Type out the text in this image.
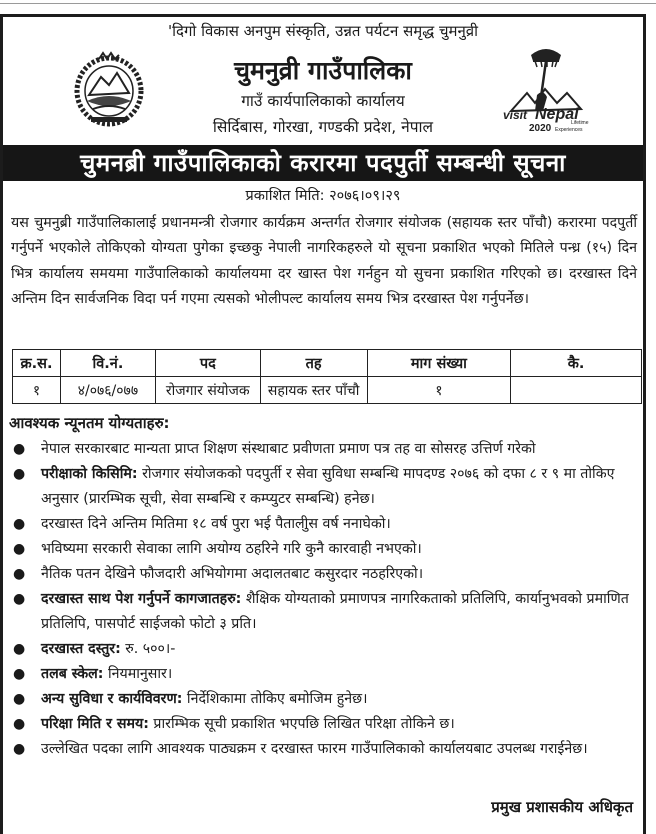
'दिगो विकास अनपुम संस्कृति, उन्नत पर्यटन समृद्ध चुमनुव्री
चुमनुव्री गाउँपालिका
गाउँ कार्यपालिकाको कार्यालय
सिर्दिबास, गोरखा, गण्डकी प्रदेश, नेपाल
visit Nepal
2020 Experiences
Lifetime
चुमनब्री गाउँपालिकाको करारमा पदपुर्ती सम्बन्धी सूचना
प्रकाशित मिति: २०७६।०९।२९
यस चुमनुब्री गाउँपालिकालाई प्रधानमन्त्री रोजगार कार्यक्रम अन्तर्गत रोजगार संयोजक (सहायक स्तर पाँचौ) करारमा पदपुर्ती गर्नुपर्ने भएकोले तोकिएको योग्यता पुगेका इच्छकु नेपाली नागरिकहरुले यो सूचना प्रकाशित भएको मितिले पन्ध्र (१५) दिन भित्र कार्यालय समयमा गाउँपालिकाको कार्यालयमा दर खास्त पेश गर्नहुन यो सुचना प्रकाशित गरिएको छ। दरखास्त दिने अन्तिम दिन सार्वजनिक विदा पर्न गएमा त्यसको भोलीपल्ट कार्यालय समय भित्र दरखास्त पेश गर्नुपर्नेछ।
क्र.स.	वि.नं.	पद	तह	माग संख्या	कै.
१	४/०७६/०७७	रोजगार संयोजक	सहायक स्तर पाँचौ	१	
आवश्यक न्यूनतम योग्यताहरु:
● नेपाल सरकारबाट मान्यता प्राप्त शिक्षण संस्थाबाट प्रवीणता प्रमाण पत्र तह वा सोसरह उत्तिर्ण गरेको
● परीक्षाको किसिमि: रोजगार संयोजकको पदपुर्ती र सेवा सुविधा सम्बन्धि मापदण्ड २०७६ को दफा ८ र ९ मा तोकिए अनुसार (प्रारम्भिक सूची, सेवा सम्बन्धि र कम्प्युटर सम्बन्धि) हनेछ।
● दरखास्त दिने अन्तिम मितिमा १८ वर्ष पुरा भई पैतालीुस वर्ष ननाघेको।
● भविष्यमा सरकारी सेवाका लागि अयोग्य ठहरिने गरि कुनै कारवाही नभएको।
● नैतिक पतन देखिने फौजदारी अभियोगमा अदालतबाट कसुरदार नठहरिएको।
● दरखास्त साथ पेश गर्नुपर्ने कागजातहरु: शैक्षिक योग्यताको प्रमाणपत्र नागरिकताको प्रतिलिपि, कार्यानुभवको प्रमाणित प्रतिलिपि, पासपोर्ट साईजको फोटो ३ प्रति।
● दरखास्त दस्तुर: रु. ५००।-
● तलब स्केल: नियमानुसार।
● अन्य सुविधा र कार्यविवरण: निर्देशिकामा तोकिए बमोजिम हुनेछ।
● परिक्षा मिति र समय: प्रारम्भिक सूची प्रकाशित भएपछि लिखित परिक्षा तोकिने छ।
● उल्लेखित पदका लागि आवश्यक पाठ्यक्रम र दरखास्त फारम गाउँपालिकाको कार्यालयबाट उपलब्ध गराईनेछ।
प्रमुख प्रशासकीय अधिकृत
